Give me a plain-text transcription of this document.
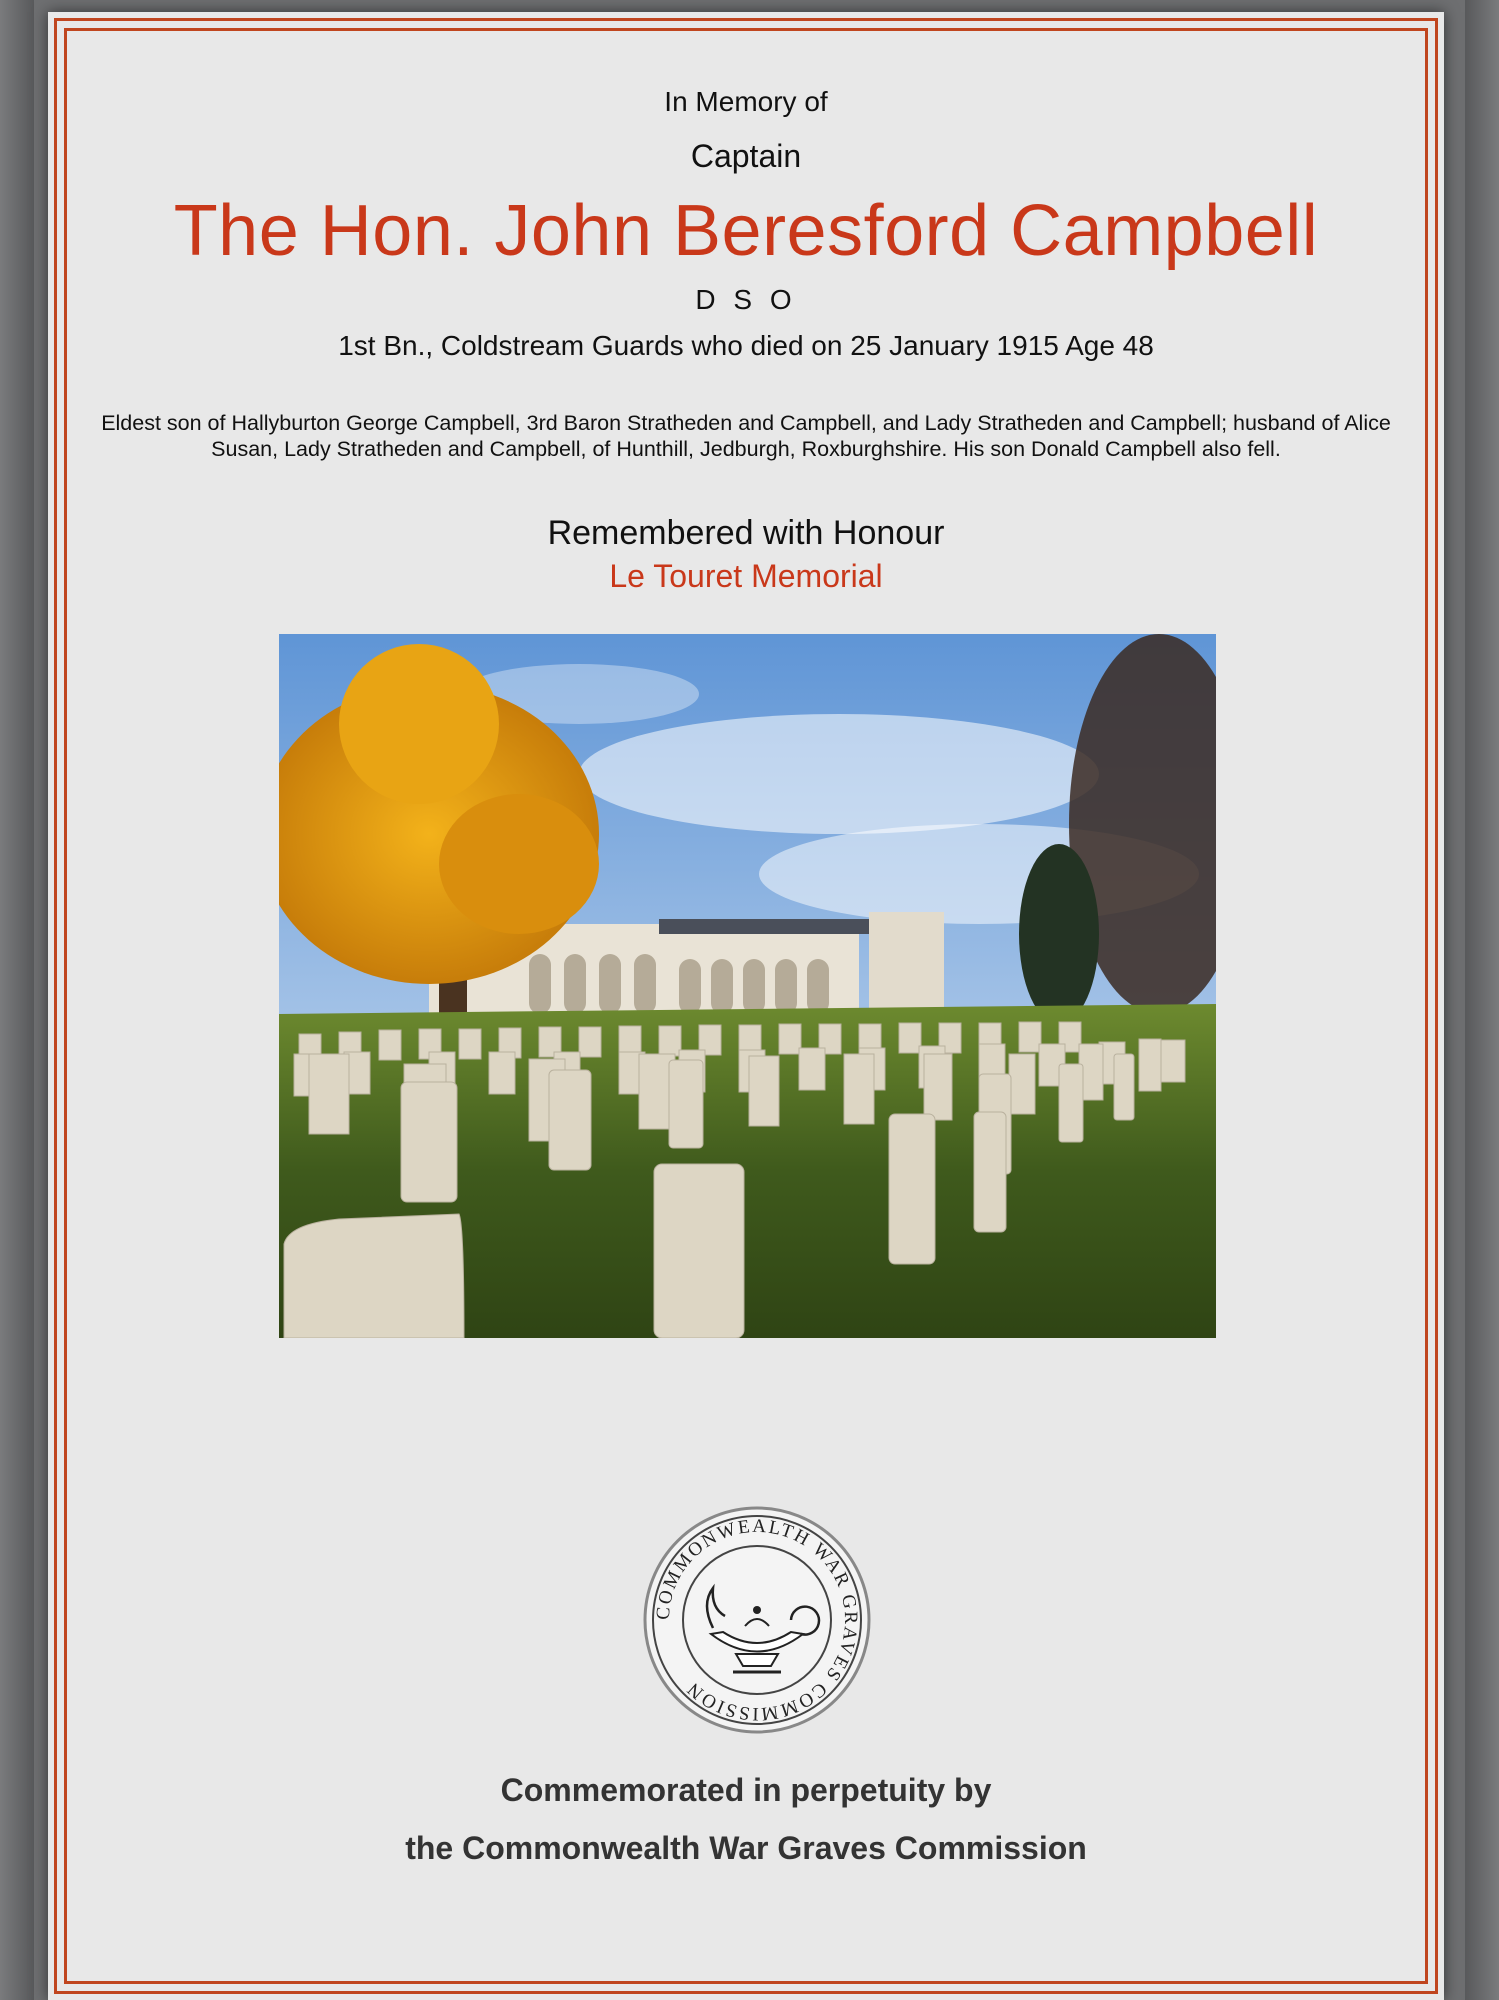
In Memory of
Captain
The Hon. John Beresford Campbell
D S O
1st Bn., Coldstream Guards who died on 25 January 1915 Age 48
Eldest son of Hallyburton George Campbell, 3rd Baron Stratheden and Campbell, and Lady Stratheden and Campbell; husband of Alice Susan, Lady Stratheden and Campbell, of Hunthill, Jedburgh, Roxburghshire. His son Donald Campbell also fell.
Remembered with Honour
Le Touret Memorial
COMMONWEALTH WAR GRAVES COMMISSION
Commemorated in perpetuity by
the Commonwealth War Graves Commission
